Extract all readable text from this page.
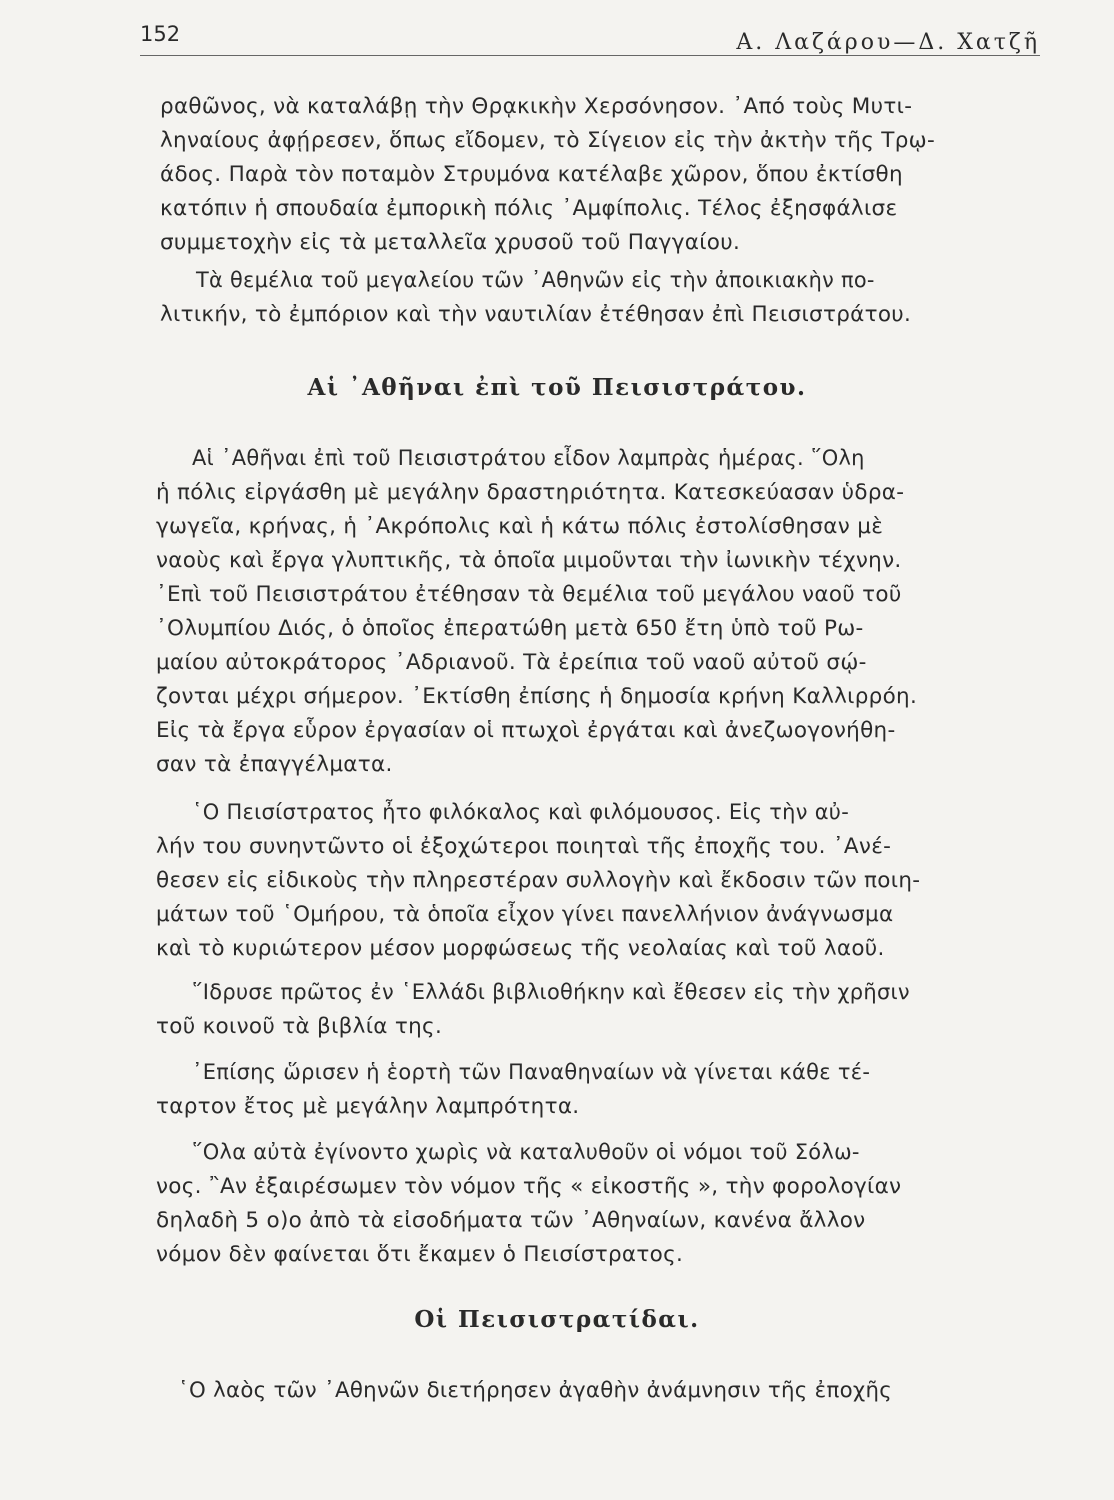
152	Α. Λαζάρου—Δ. Χατζῆ

ραθῶνος, νὰ καταλάβῃ τὴν Θρᾳκικὴν Χερσόνησον. ᾿Από τοὺς Μυτι-

ληναίους ἀφῄρεσεν, ὅπως εἴδομεν, τὸ Σίγειον εἰς τὴν ἀκτὴν τῆς Τρῳ-

άδος. Παρὰ τὸν ποταμὸν Στρυμόνα κατέλαβε χῶρον, ὅπου ἐκτίσθη

κατόπιν ἡ σπουδαία ἐμπορικὴ πόλις ᾿Αμφίπολις. Τέλος ἐξησφάλισε

συμμετοχὴν εἰς τὰ μεταλλεῖα χρυσοῦ τοῦ Παγγαίου.

Τὰ θεμέλια τοῦ μεγαλείου τῶν ᾿Αθηνῶν εἰς τὴν ἀποικιακὴν πο-

λιτικήν, τὸ ἐμπόριον καὶ τὴν ναυτιλίαν ἐτέθησαν ἐπὶ Πεισιστράτου.

Αἱ ᾿Αθῆναι ἐπὶ τοῦ Πεισιστράτου.

Αἱ ᾿Αθῆναι ἐπὶ τοῦ Πεισιστράτου εἶδον λαμπρὰς ἡμέρας. ῞Ολη

ἡ πόλις εἰργάσθη μὲ μεγάλην δραστηριότητα. Κατεσκεύασαν ὑδρα-

γωγεῖα, κρήνας, ἡ ᾿Ακρόπολις καὶ ἡ κάτω πόλις ἐστολίσθησαν μὲ

ναοὺς καὶ ἔργα γλυπτικῆς, τὰ ὁποῖα μιμοῦνται τὴν ἰωνικὴν τέχνην.

᾿Επὶ τοῦ Πεισιστράτου ἐτέθησαν τὰ θεμέλια τοῦ μεγάλου ναοῦ τοῦ

᾿Ολυμπίου Διός, ὁ ὁποῖος ἐπερατώθη μετὰ 650 ἔτη ὑπὸ τοῦ Ρω-

μαίου αὐτοκράτορος ᾿Αδριανοῦ. Τὰ ἐρείπια τοῦ ναοῦ αὐτοῦ σῴ-

ζονται μέχρι σήμερον. ᾿Εκτίσθη ἐπίσης ἡ δημοσία κρήνη Καλλιρρόη.

Εἰς τὰ ἔργα εὗρον ἐργασίαν οἱ πτωχοὶ ἐργάται καὶ ἀνεζωογονήθη-

σαν τὰ ἐπαγγέλματα.

῾Ο Πεισίστρατος ἦτο φιλόκαλος καὶ φιλόμουσος. Εἰς τὴν αὐ-

λήν του συνηντῶντο οἱ ἐξοχώτεροι ποιηταὶ τῆς ἐποχῆς του. ᾿Ανέ-

θεσεν εἰς εἰδικοὺς τὴν πληρεστέραν συλλογὴν καὶ ἔκδοσιν τῶν ποιη-

μάτων τοῦ ῾Ομήρου, τὰ ὁποῖα εἶχον γίνει πανελλήνιον ἀνάγνωσμα

καὶ τὸ κυριώτερον μέσον μορφώσεως τῆς νεολαίας καὶ τοῦ λαοῦ.

῞Ιδρυσε πρῶτος ἐν ῾Ελλάδι βιβλιοθήκην καὶ ἔθεσεν εἰς τὴν χρῆσιν

τοῦ κοινοῦ τὰ βιβλία της.

᾿Επίσης ὥρισεν ἡ ἑορτὴ τῶν Παναθηναίων νὰ γίνεται κάθε τέ-

ταρτον ἔτος μὲ μεγάλην λαμπρότητα.

῞Ολα αὐτὰ ἐγίνοντο χωρὶς νὰ καταλυθοῦν οἱ νόμοι τοῦ Σόλω-

νος. ῍Αν ἐξαιρέσωμεν τὸν νόμον τῆς « εἰκοστῆς », τὴν φορολογίαν

δηλαδὴ 5 ο)ο ἀπὸ τὰ εἰσοδήματα τῶν ᾿Αθηναίων, κανένα ἄλλον

νόμον δὲν φαίνεται ὅτι ἔκαμεν ὁ Πεισίστρατος.

Οἱ Πεισιστρατίδαι.

῾Ο λαὸς τῶν ᾿Αθηνῶν διετήρησεν ἀγαθὴν ἀνάμνησιν τῆς ἐποχῆς
